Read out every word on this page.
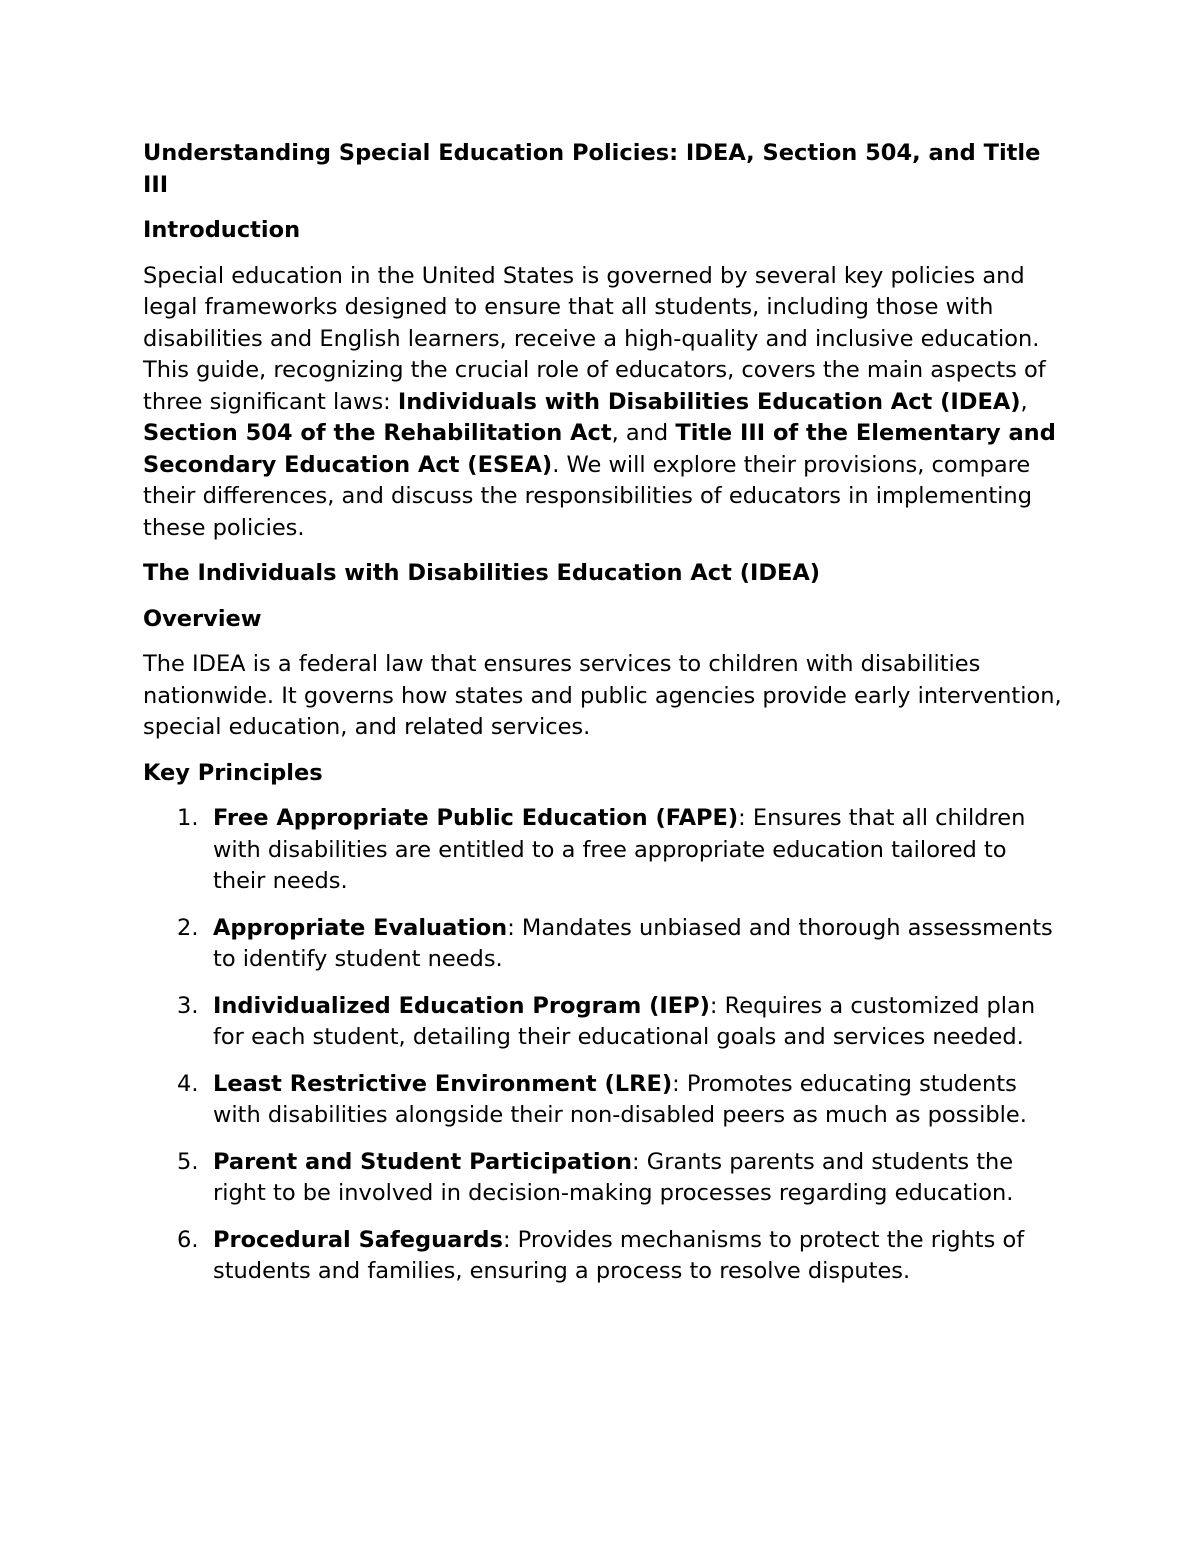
Understanding Special Education Policies: IDEA, Section 504, and Title III
Introduction

Special education in the United States is governed by several key policies and legal frameworks designed to ensure that all students, including those with disabilities and English learners, receive a high-quality and inclusive education. This guide, recognizing the crucial role of educators, covers the main aspects of three significant laws: Individuals with Disabilities Education Act (IDEA), Section 504 of the Rehabilitation Act, and Title III of the Elementary and Secondary Education Act (ESEA). We will explore their provisions, compare their differences, and discuss the responsibilities of educators in implementing these policies.

The Individuals with Disabilities Education Act (IDEA)
Overview

The IDEA is a federal law that ensures services to children with disabilities nationwide. It governs how states and public agencies provide early intervention, special education, and related services.

Key Principles
1. Free Appropriate Public Education (FAPE): Ensures that all children with disabilities are entitled to a free appropriate education tailored to their needs.
2. Appropriate Evaluation: Mandates unbiased and thorough assessments to identify student needs.
3. Individualized Education Program (IEP): Requires a customized plan for each student, detailing their educational goals and services needed.
4. Least Restrictive Environment (LRE): Promotes educating students with disabilities alongside their non-disabled peers as much as possible.
5. Parent and Student Participation: Grants parents and students the right to be involved in decision-making processes regarding education.
6. Procedural Safeguards: Provides mechanisms to protect the rights of students and families, ensuring a process to resolve disputes.
